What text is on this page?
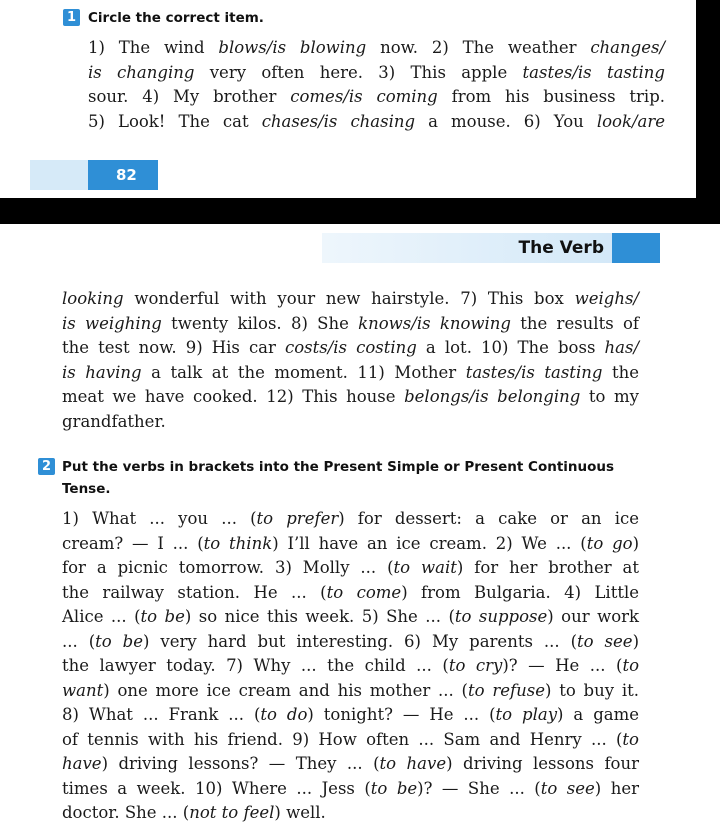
1 Circle the correct item.
1) The wind blows/is blowing now. 2) The weather changes/
is changing very often here. 3) This apple tastes/is tasting
sour. 4) My brother comes/is coming from his business trip.
5) Look! The cat chases/is chasing a mouse. 6) You look/are
82
The Verb
looking wonderful with your new hairstyle. 7) This box weighs/
is weighing twenty kilos. 8) She knows/is knowing the results of
the test now. 9) His car costs/is costing a lot. 10) The boss has/
is having a talk at the moment. 11) Mother tastes/is tasting the
meat we have cooked. 12) This house belongs/is belonging to my
grandfather.
2 Put the verbs in brackets into the Present Simple or Present Continuous
Tense.
1) What ... you ... (to prefer) for dessert: a cake or an ice
cream? — I ... (to think) I’ll have an ice cream. 2) We ... (to go)
for a picnic tomorrow. 3) Molly ... (to wait) for her brother at
the railway station. He ... (to come) from Bulgaria. 4) Little
Alice ... (to be) so nice this week. 5) She ... (to suppose) our work
... (to be) very hard but interesting. 6) My parents ... (to see)
the lawyer today. 7) Why ... the child ... (to cry)? — He ... (to
want) one more ice cream and his mother ... (to refuse) to buy it.
8) What ... Frank ... (to do) tonight? — He ... (to play) a game
of tennis with his friend. 9) How often ... Sam and Henry ... (to
have) driving lessons? — They ... (to have) driving lessons four
times a week. 10) Where ... Jess (to be)? — She ... (to see) her
doctor. She ... (not to feel) well.
